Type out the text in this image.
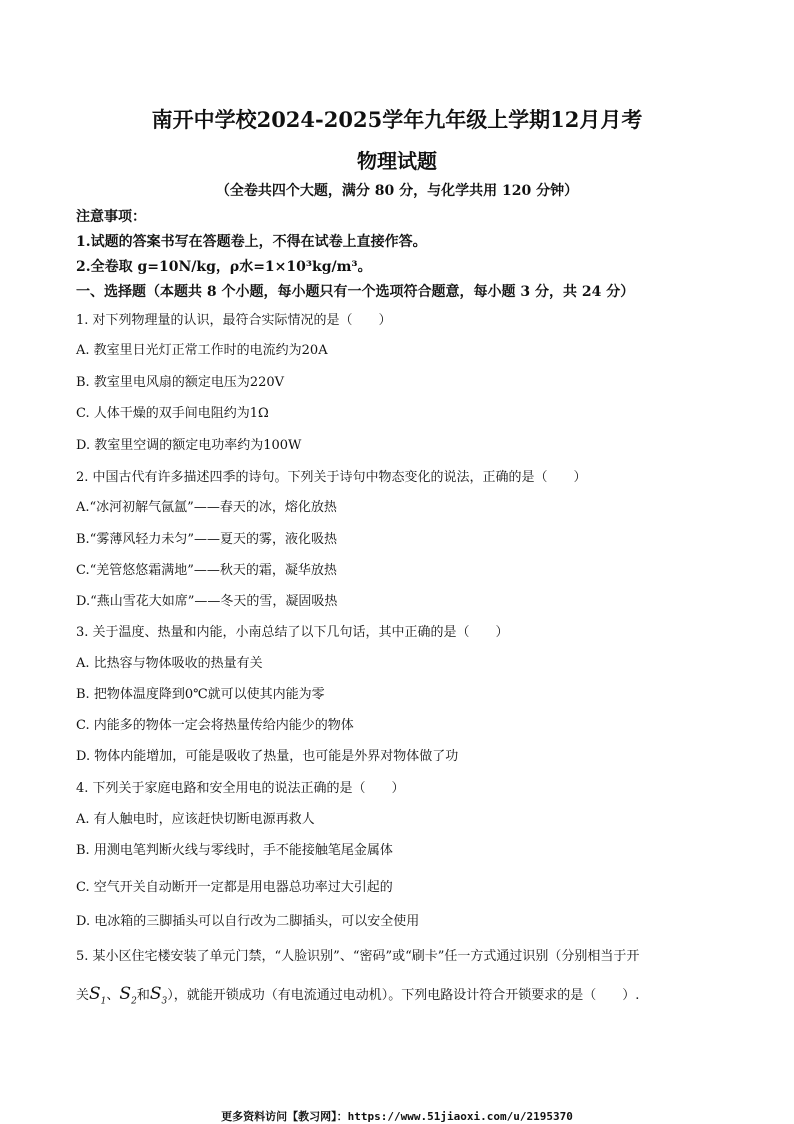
南开中学校2024-2025学年九年级上学期12月月考
物理试题
（全卷共四个大题，满分 80 分，与化学共用 120 分钟）
注意事项：
1.试题的答案书写在答题卷上，不得在试卷上直接作答。
2.全卷取 g=10N/kg，ρ水=1×10³kg/m³。
一、选择题（本题共 8 个小题，每小题只有一个选项符合题意，每小题 3 分，共 24 分）
1. 对下列物理量的认识，最符合实际情况的是（　　）
A. 教室里日光灯正常工作时的电流约为20A
B. 教室里电风扇的额定电压为220V
C. 人体干燥的双手间电阻约为1Ω
D. 教室里空调的额定电功率约为100W
2. 中国古代有许多描述四季的诗句。下列关于诗句中物态变化的说法，正确的是（　　）
A.“冰河初解气氤氲”——春天的冰，熔化放热
B.“雾薄风轻力未匀”——夏天的雾，液化吸热
C.“羌管悠悠霜满地”——秋天的霜，凝华放热
D.“燕山雪花大如席”——冬天的雪，凝固吸热
3. 关于温度、热量和内能，小南总结了以下几句话，其中正确的是（　　）
A. 比热容与物体吸收的热量有关
B. 把物体温度降到0℃就可以使其内能为零
C. 内能多的物体一定会将热量传给内能少的物体
D. 物体内能增加，可能是吸收了热量，也可能是外界对物体做了功
4. 下列关于家庭电路和安全用电的说法正确的是（　　）
A. 有人触电时，应该赶快切断电源再救人
B. 用测电笔判断火线与零线时，手不能接触笔尾金属体
C. 空气开关自动断开一定都是用电器总功率过大引起的
D. 电冰箱的三脚插头可以自行改为二脚插头，可以安全使用
5. 某小区住宅楼安装了单元门禁，“人脸识别”、“密码”或“刷卡”任一方式通过识别（分别相当于开
关$S_1$、$S_2$和$S_3$），就能开锁成功（有电流通过电动机）。下列电路设计符合开锁要求的是（　　）.
更多资料访问【教习网】：https://www.51jiaoxi.com/u/2195370
